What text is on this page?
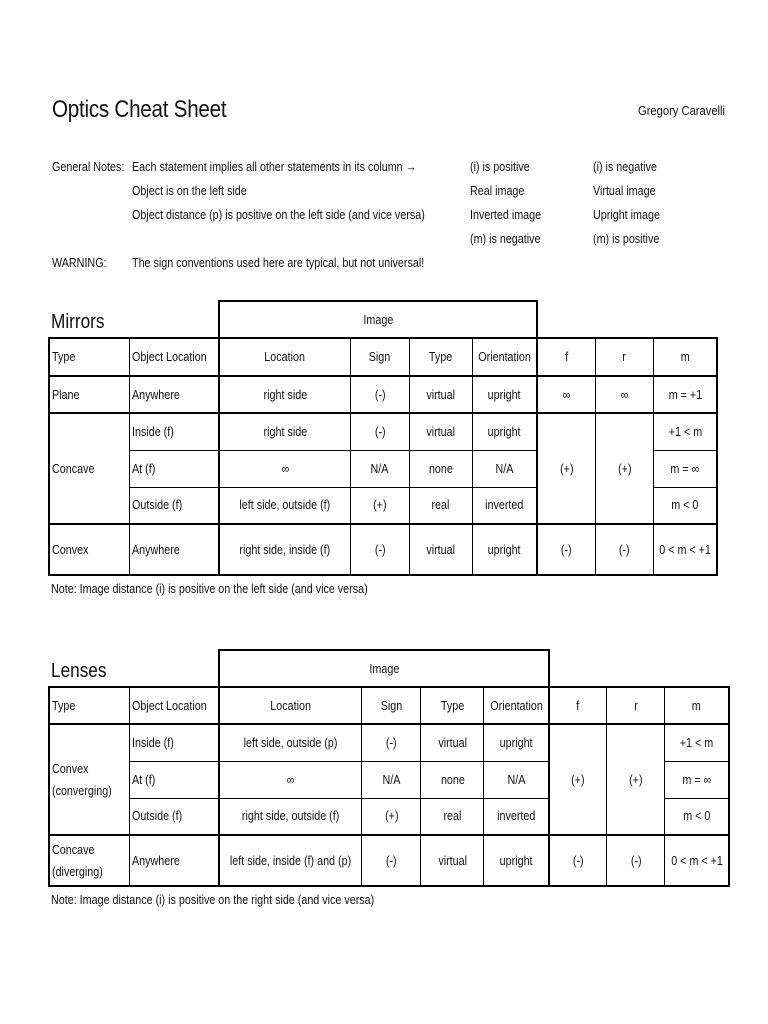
Optics Cheat Sheet	Gregory Caravelli
General Notes: Each statement implies all other statements in its column →
Object is on the left side
Object distance (p) is positive on the left side (and vice versa)
(i) is positive
Real image
Inverted image
(m) is negative
(i) is negative
Virtual image
Upright image
(m) is positive
WARNING: The sign conventions used here are typical, but not universal!
Mirrors		Image						
Type	Object Location	Location	Sign	Type	Orientation	f	r	m
Plane	Anywhere	right side	(-)	virtual	upright	∞	∞	m = +1
Concave	Inside (f)	right side	(-)	virtual	upright	(+)	(+)	+1 < m
	At (f)	∞	N/A	none	N/A			m = ∞
	Outside (f)	left side, outside (f)	(+)	real	inverted			m < 0
Convex	Anywhere	right side, inside (f)	(-)	virtual	upright	(-)	(-)	0 < m < +1
Note: Image distance (i) is positive on the left side (and vice versa)
Lenses		Image						
Type	Object Location	Location	Sign	Type	Orientation	f	r	m
Convex
(converging)	Inside (f)	left side, outside (p)	(-)	virtual	upright	(+)	(+)	+1 < m
	At (f)	∞	N/A	none	N/A			m = ∞
	Outside (f)	right side, outside (f)	(+)	real	inverted			m < 0
Concave
(diverging)	Anywhere	left side, inside (f) and (p)	(-)	virtual	upright	(-)	(-)	0 < m < +1
Note: Image distance (i) is positive on the right side (and vice versa)
